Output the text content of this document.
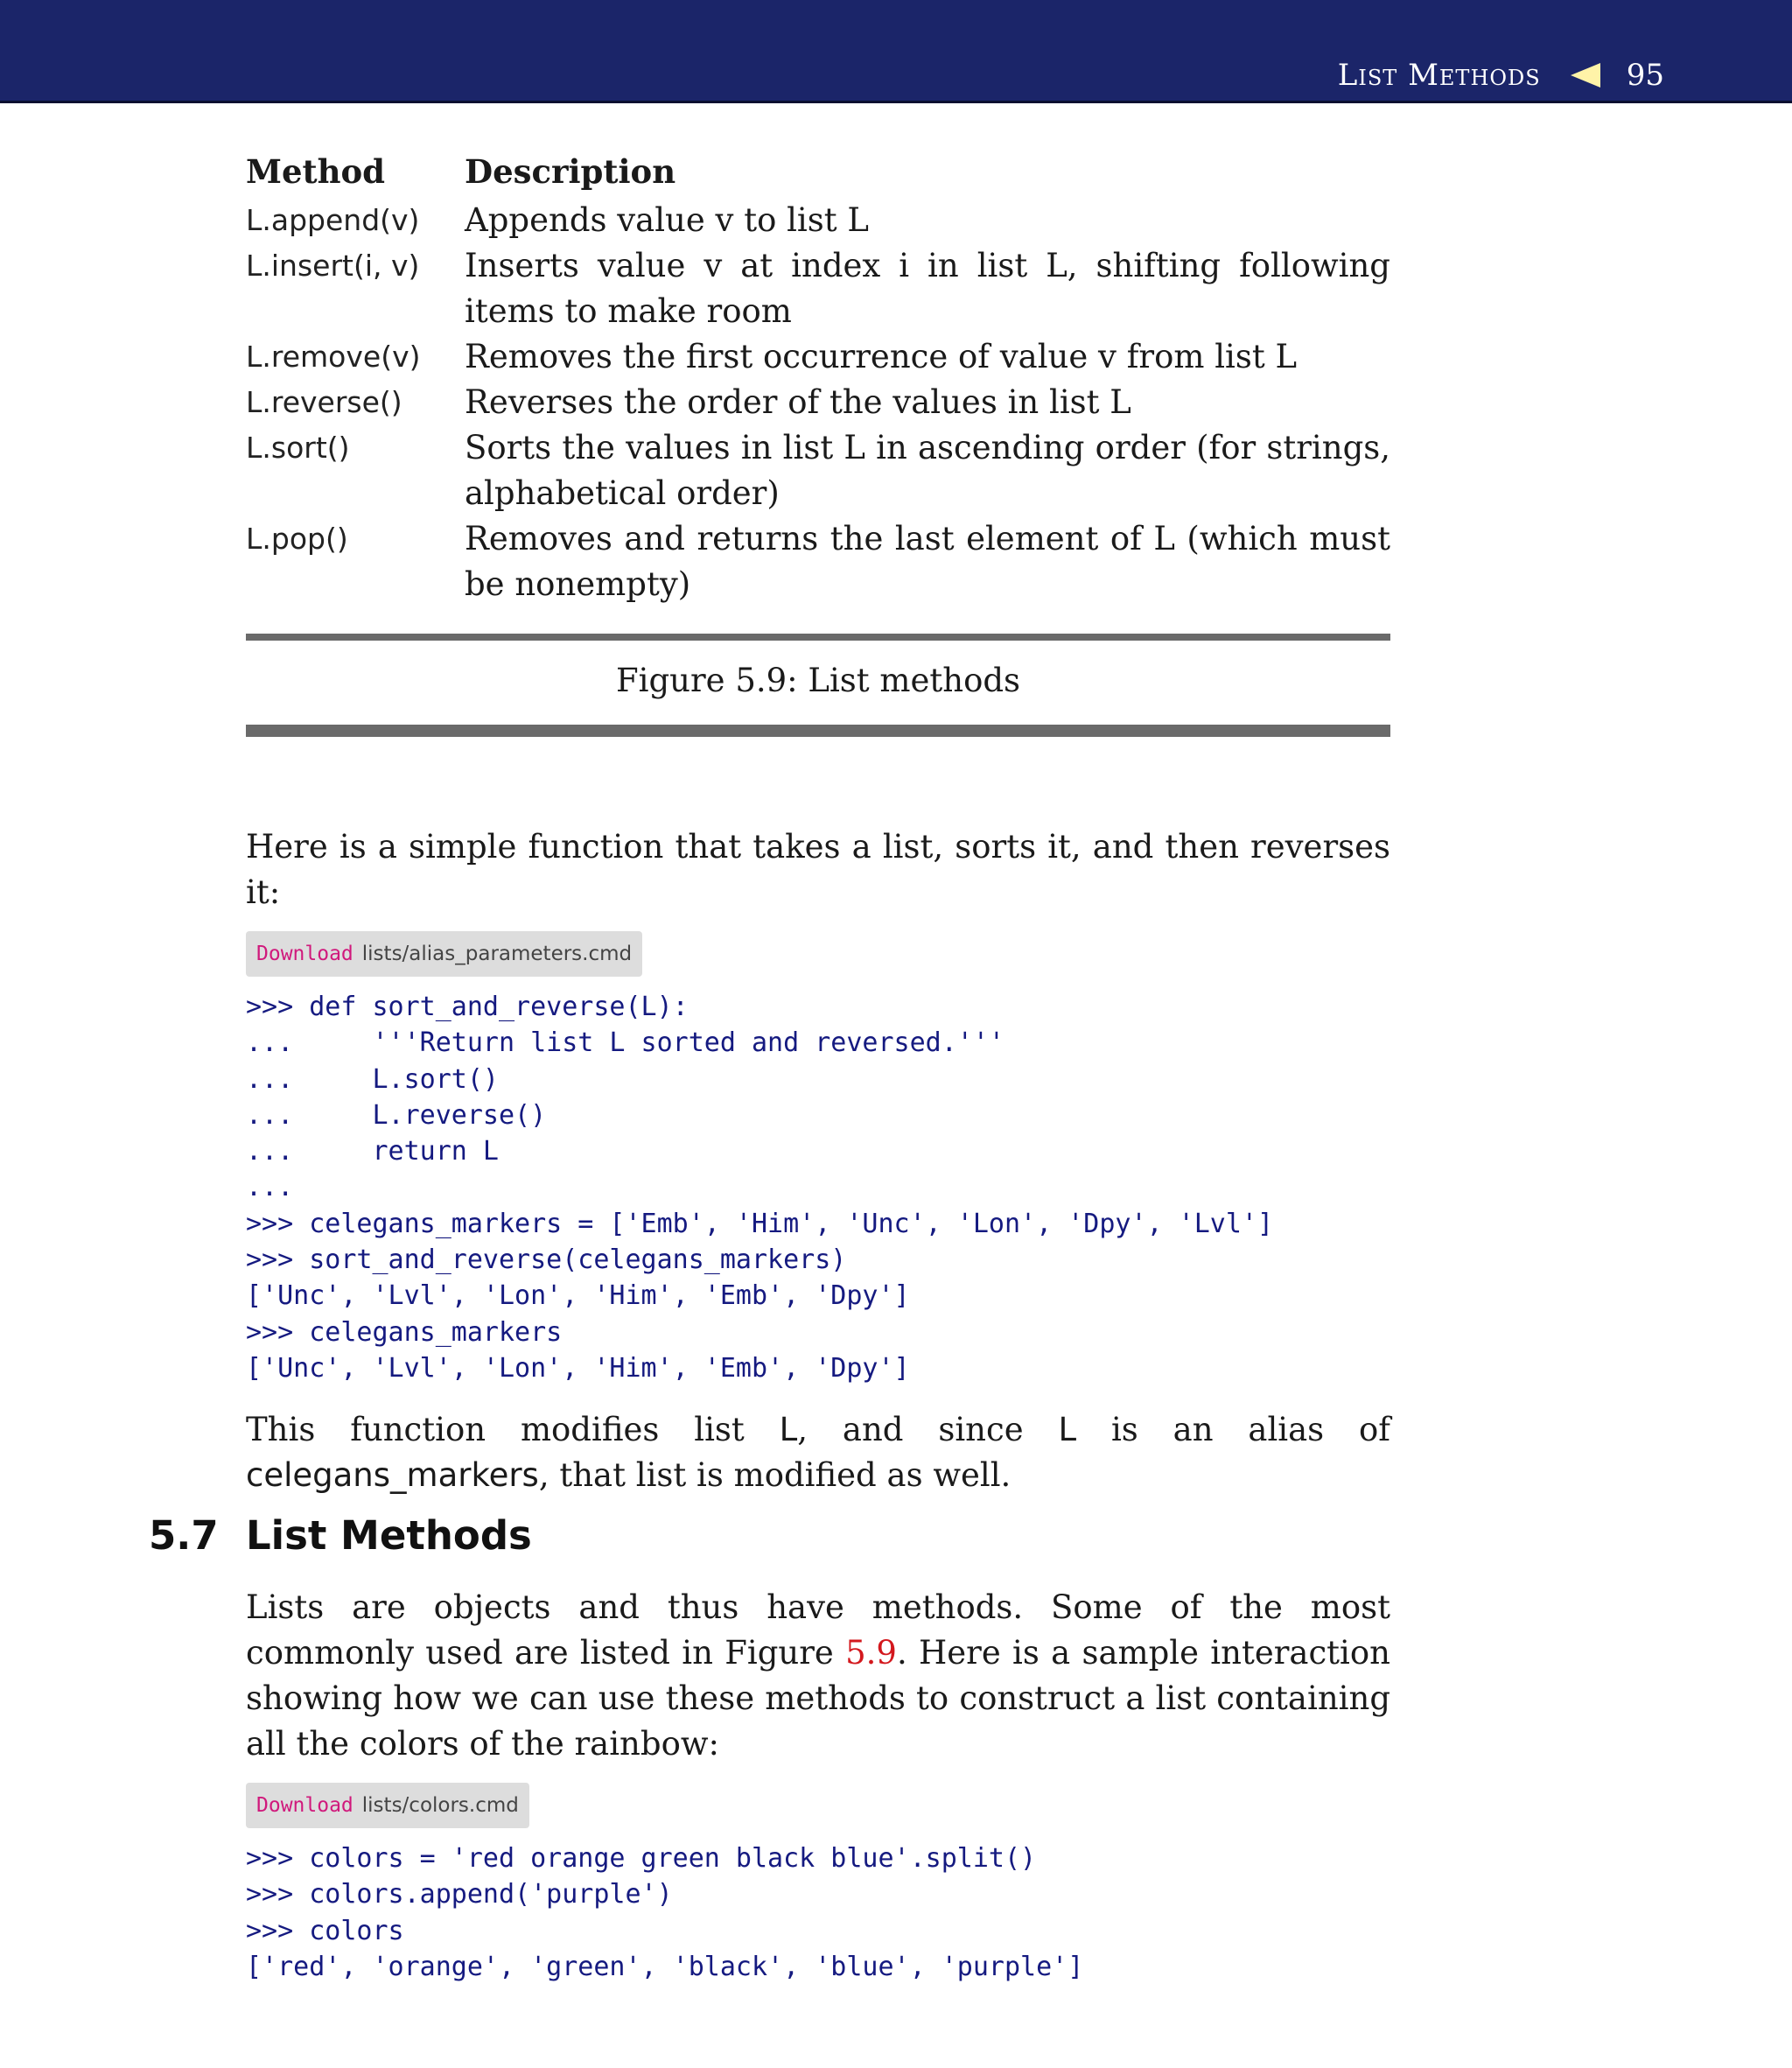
List Methods	95
Method	Description
L.append(v)	Appends value v to list L
L.insert(i, v)	Inserts value v at index i in list L, shifting following items to make room
L.remove(v)	Removes the first occurrence of value v from list L
L.reverse()	Reverses the order of the values in list L
L.sort()	Sorts the values in list L in ascending order (for strings, alphabetical order)
L.pop()	Removes and returns the last element of L (which must be nonempty)
Figure 5.9: List methods

Here is a simple function that takes a list, sorts it, and then reverses it:

Download lists/alias_parameters.cmd
>>> def sort_and_reverse(L):
...     '''Return list L sorted and reversed.'''
...     L.sort()
...     L.reverse()
...     return L
...
>>> celegans_markers = ['Emb', 'Him', 'Unc', 'Lon', 'Dpy', 'Lvl']
>>> sort_and_reverse(celegans_markers)
['Unc', 'Lvl', 'Lon', 'Him', 'Emb', 'Dpy']
>>> celegans_markers
['Unc', 'Lvl', 'Lon', 'Him', 'Emb', 'Dpy']

This function modifies list L, and since L is an alias of celegans_markers, that list is modified as well.

5.7 List Methods

Lists are objects and thus have methods. Some of the most commonly used are listed in Figure 5.9. Here is a sample interaction showing how we can use these methods to construct a list containing all the colors of the rainbow:

Download lists/colors.cmd
>>> colors = 'red orange green black blue'.split()
>>> colors.append('purple')
>>> colors
['red', 'orange', 'green', 'black', 'blue', 'purple']
